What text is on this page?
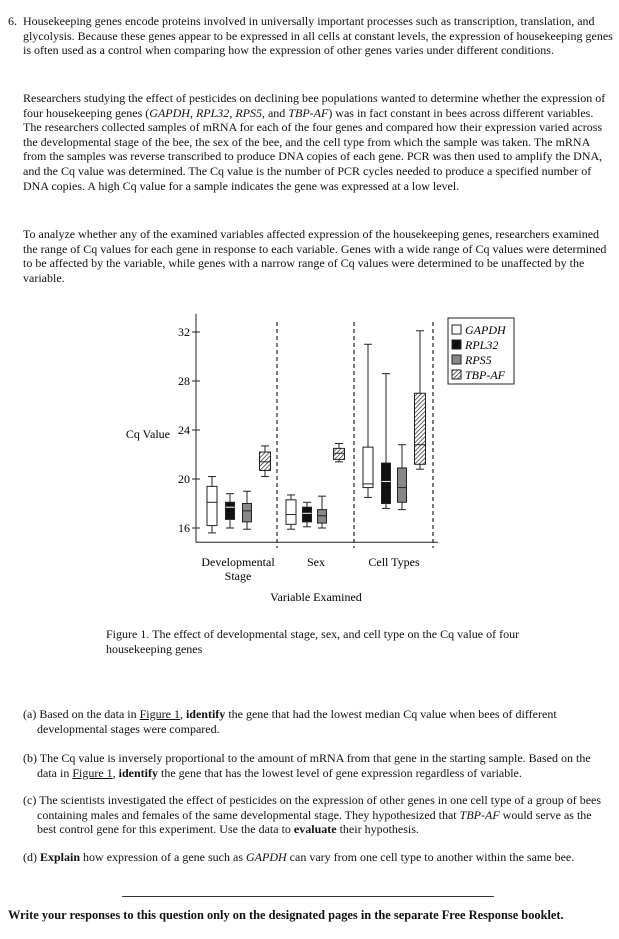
6. Housekeeping genes encode proteins involved in universally important processes such as transcription, translation, and glycolysis. Because these genes appear to be expressed in all cells at constant levels, the expression of housekeeping genes is often used as a control when comparing how the expression of other genes varies under different conditions.

Researchers studying the effect of pesticides on declining bee populations wanted to determine whether the expression of four housekeeping genes (GAPDH, RPL32, RPS5, and TBP-AF) was in fact constant in bees across different variables. The researchers collected samples of mRNA for each of the four genes and compared how their expression varied across the developmental stage of the bee, the sex of the bee, and the cell type from which the sample was taken. The mRNA from the samples was reverse transcribed to produce DNA copies of each gene. PCR was then used to amplify the DNA, and the Cq value was determined. The Cq value is the number of PCR cycles needed to produce a specified number of DNA copies. A high Cq value for a sample indicates the gene was expressed at a low level.

To analyze whether any of the examined variables affected expression of the housekeeping genes, researchers examined the range of Cq values for each gene in response to each variable. Genes with a wide range of Cq values were determined to be affected by the variable, while genes with a narrow range of Cq values were determined to be unaffected by the variable.

16
20
24
28
32
Cq Value
Variable Examined
Developmental
Stage
Sex	Cell Types
GAPDH
RPL32
RPS5
TBP-AF

Figure 1. The effect of developmental stage, sex, and cell type on the Cq value of four housekeeping genes

(a) Based on the data in Figure 1, identify the gene that had the lowest median Cq value when bees of different developmental stages were compared.

(b) The Cq value is inversely proportional to the amount of mRNA from that gene in the starting sample. Based on the data in Figure 1, identify the gene that has the lowest level of gene expression regardless of variable.

(c) The scientists investigated the effect of pesticides on the expression of other genes in one cell type of a group of bees containing males and females of the same developmental stage. They hypothesized that TBP-AF would serve as the best control gene for this experiment. Use the data to evaluate their hypothesis.

(d) Explain how expression of a gene such as GAPDH can vary from one cell type to another within the same bee.

Write your responses to this question only on the designated pages in the separate Free Response booklet.
